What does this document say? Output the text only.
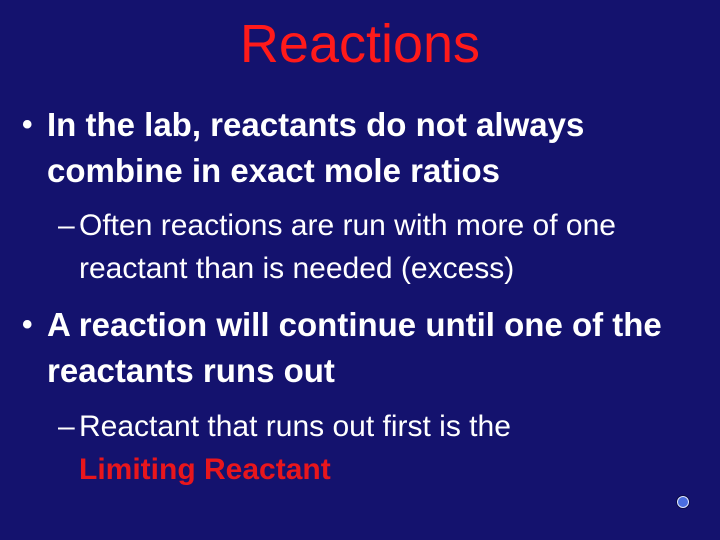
Reactions
• In the lab, reactants do not always combine in exact mole ratios
– Often reactions are run with more of one reactant than is needed (excess)
• A reaction will continue until one of the reactants runs out
– Reactant that runs out first is the
Limiting Reactant
